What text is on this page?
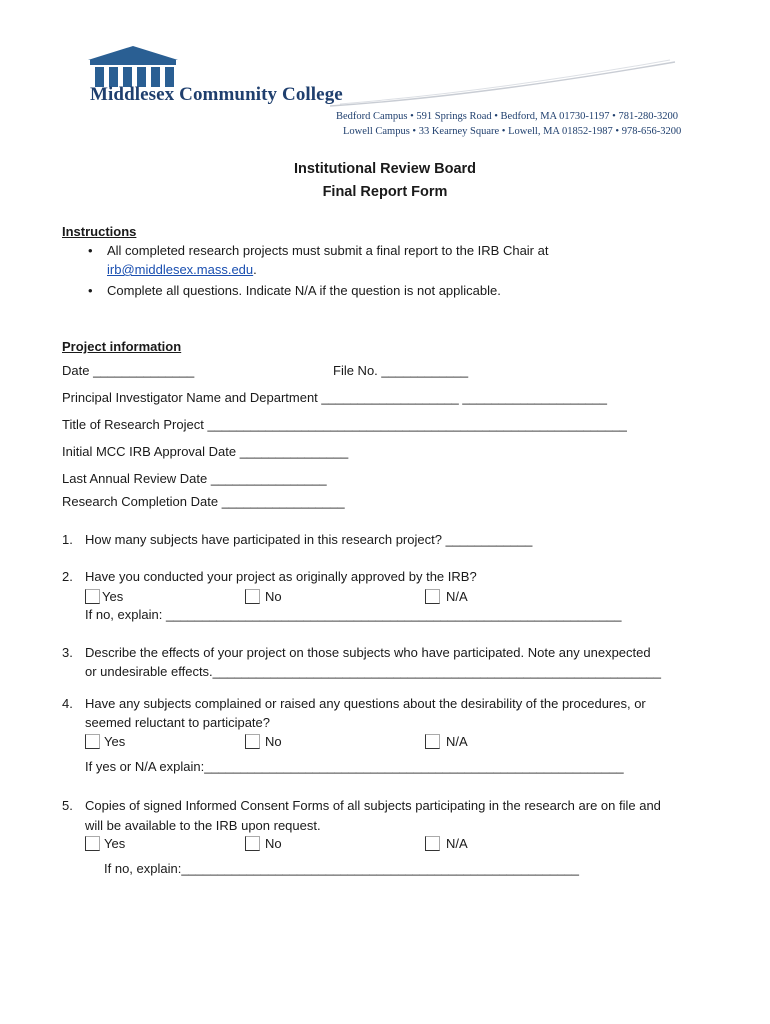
Middlesex Community College
Bedford Campus • 591 Springs Road • Bedford, MA 01730-1197 • 781-280-3200
Lowell Campus • 33 Kearney Square • Lowell, MA 01852-1987 • 978-656-3200
Institutional Review Board
Final Report Form
Instructions
• All completed research projects must submit a final report to the IRB Chair at
irb@middlesex.mass.edu.
• Complete all questions. Indicate N/A if the question is not applicable.
Project information
Date ______________	File No. ____________
Principal Investigator Name and Department ___________________ ____________________
Title of Research Project __________________________________________________________
Initial MCC IRB Approval Date _______________
Last Annual Review Date ________________
Research Completion Date _________________
1. How many subjects have participated in this research project? ____________
2. Have you conducted your project as originally approved by the IRB?
Yes	No	N/A
If no, explain: _______________________________________________________________
3. Describe the effects of your project on those subjects who have participated. Note any unexpected
or undesirable effects.______________________________________________________________
4. Have any subjects complained or raised any questions about the desirability of the procedures, or
seemed reluctant to participate?
Yes	No	N/A
If yes or N/A explain:__________________________________________________________
5. Copies of signed Informed Consent Forms of all subjects participating in the research are on file and
will be available to the IRB upon request.
Yes	No	N/A
If no, explain:_______________________________________________________
